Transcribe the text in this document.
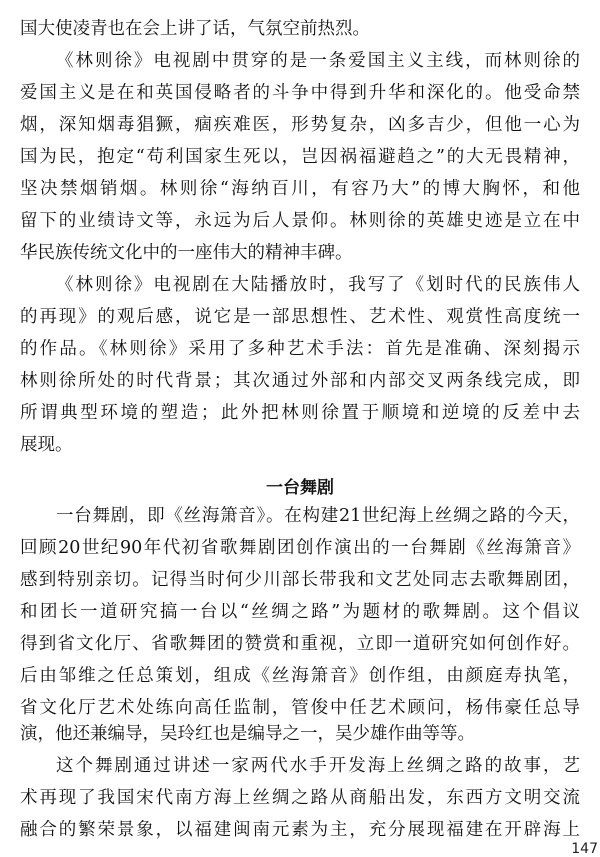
国大使凌青也在会上讲了话，气氛空前热烈。
《林则徐》电视剧中贯穿的是一条爱国主义主线，而林则徐的
爱国主义是在和英国侵略者的斗争中得到升华和深化的。他受命禁
烟，深知烟毒猖獗，痼疾难医，形势复杂，凶多吉少，但他一心为
国为民，抱定“苟利国家生死以，岂因祸福避趋之”的大无畏精神，
坚决禁烟销烟。林则徐“海纳百川，有容乃大”的博大胸怀，和他
留下的业绩诗文等，永远为后人景仰。林则徐的英雄史迹是立在中
华民族传统文化中的一座伟大的精神丰碑。
《林则徐》电视剧在大陆播放时，我写了《划时代的民族伟人
的再现》的观后感，说它是一部思想性、艺术性、观赏性高度统一
的作品。《林则徐》采用了多种艺术手法：首先是准确、深刻揭示
林则徐所处的时代背景；其次通过外部和内部交叉两条线完成，即
所谓典型环境的塑造；此外把林则徐置于顺境和逆境的反差中去
展现。
一台舞剧
一台舞剧，即《丝海箫音》。在构建21世纪海上丝绸之路的今天，
回顾20世纪90年代初省歌舞剧团创作演出的一台舞剧《丝海箫音》
感到特别亲切。记得当时何少川部长带我和文艺处同志去歌舞剧团，
和团长一道研究搞一台以“丝绸之路”为题材的歌舞剧。这个倡议
得到省文化厅、省歌舞团的赞赏和重视，立即一道研究如何创作好。
后由邹维之任总策划，组成《丝海箫音》创作组，由颜庭寿执笔，
省文化厅艺术处练向高任监制，管俊中任艺术顾问，杨伟豪任总导
演，他还兼编导，吴玲红也是编导之一，吴少雄作曲等等。
这个舞剧通过讲述一家两代水手开发海上丝绸之路的故事，艺
术再现了我国宋代南方海上丝绸之路从商船出发，东西方文明交流
融合的繁荣景象，以福建闽南元素为主，充分展现福建在开辟海上
147
